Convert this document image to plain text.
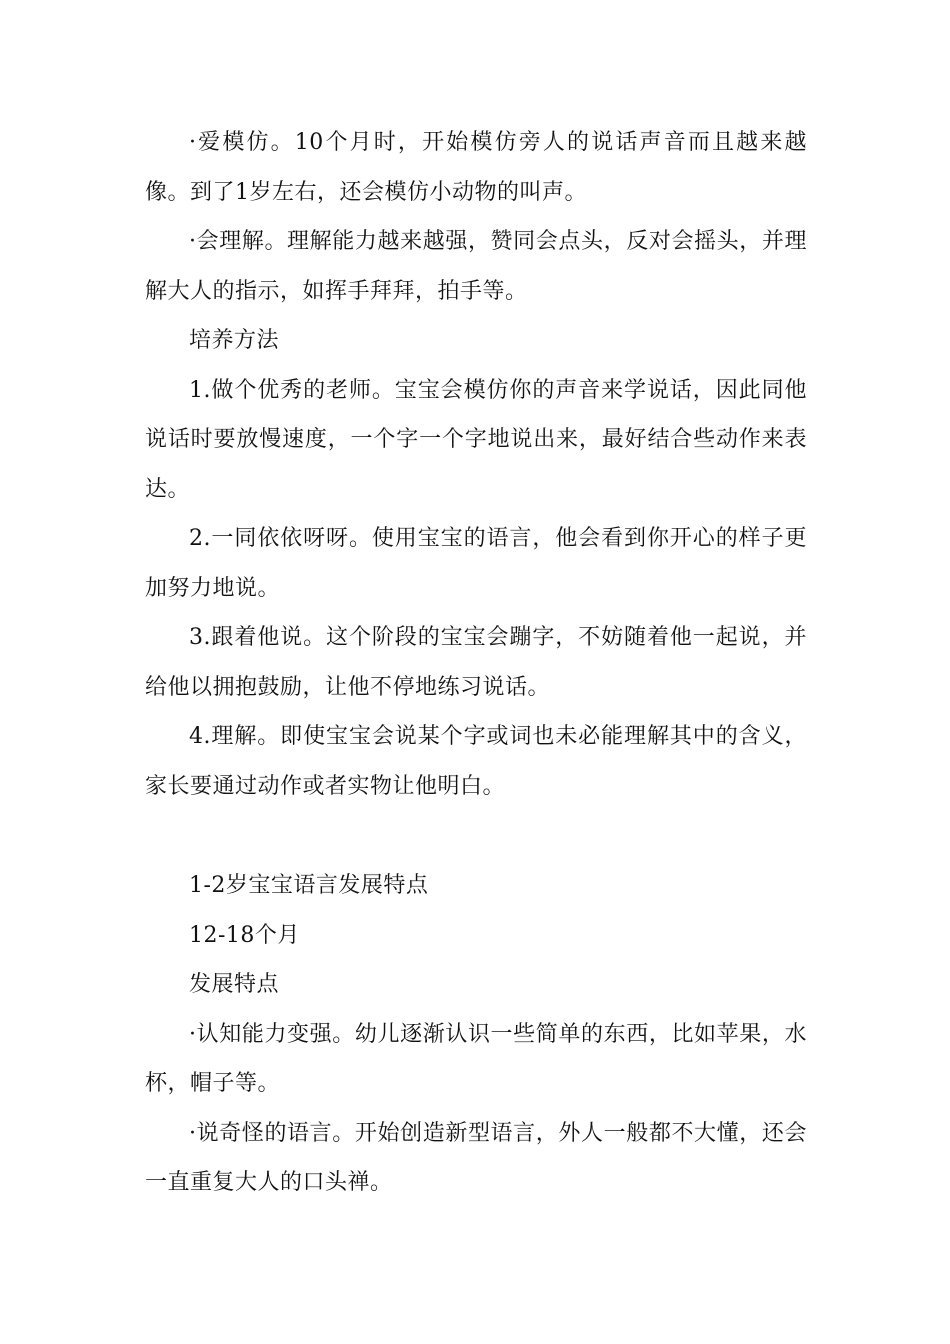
·爱模仿。10个月时，开始模仿旁人的说话声音而且越来越像。到了1岁左右，还会模仿小动物的叫声。

·会理解。理解能力越来越强，赞同会点头，反对会摇头，并理解大人的指示，如挥手拜拜，拍手等。

培养方法

1.做个优秀的老师。宝宝会模仿你的声音来学说话，因此同他说话时要放慢速度，一个字一个字地说出来，最好结合些动作来表达。

2.一同依依呀呀。使用宝宝的语言，他会看到你开心的样子更加努力地说。

3.跟着他说。这个阶段的宝宝会蹦字，不妨随着他一起说，并给他以拥抱鼓励，让他不停地练习说话。

4.理解。即使宝宝会说某个字或词也未必能理解其中的含义，家长要通过动作或者实物让他明白。

1-2岁宝宝语言发展特点

12-18个月

发展特点

·认知能力变强。幼儿逐渐认识一些简单的东西，比如苹果，水杯，帽子等。

·说奇怪的语言。开始创造新型语言，外人一般都不大懂，还会一直重复大人的口头禅。
